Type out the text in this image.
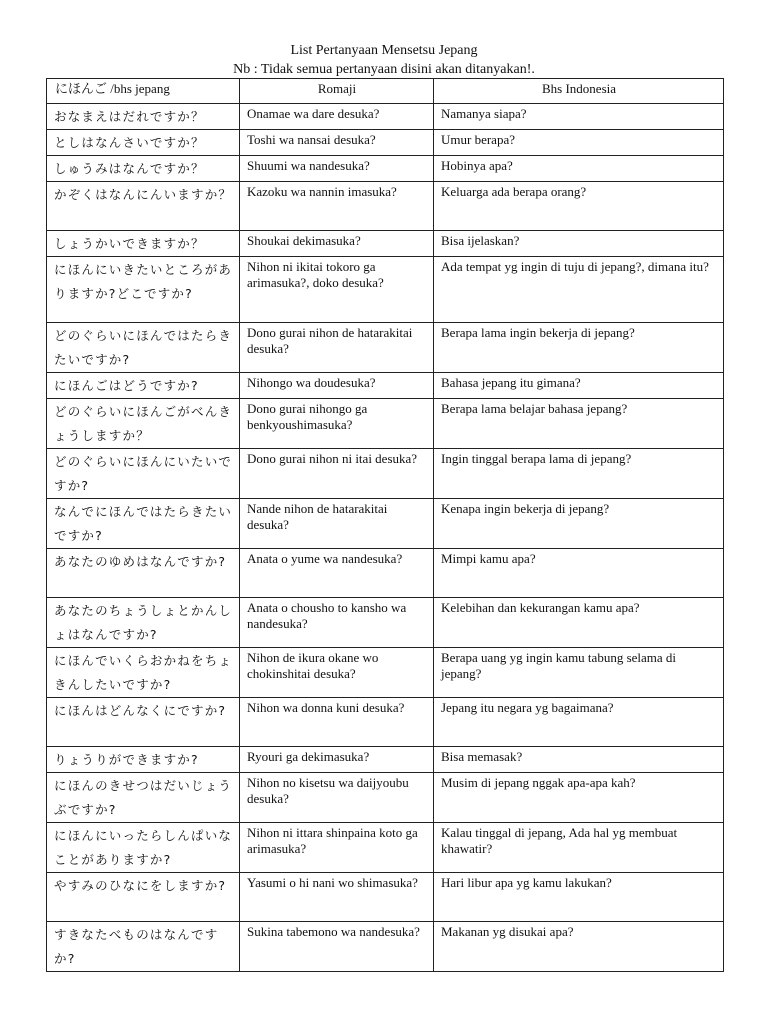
List Pertanyaan Mensetsu Jepang
Nb : Tidak semua pertanyaan disini akan ditanyakan!.
にほんご /bhs jepang	Romaji	Bhs Indonesia
おなまえはだれですか？	Onamae wa dare desuka?	Namanya siapa?
としはなんさいですか？	Toshi wa nansai desuka?	Umur berapa?
しゅうみはなんですか？	Shuumi wa nandesuka?	Hobinya apa?
かぞくはなんにんいますか？	Kazoku wa nannin imasuka?	Keluarga ada berapa orang?
しょうかいできますか？	Shoukai dekimasuka?	Bisa ijelaskan?
にほんにいきたいところがありますか?どこですか?	Nihon ni ikitai tokoro ga arimasuka?, doko desuka?	Ada tempat yg ingin di tuju di jepang?, dimana itu?
どのぐらいにほんではたらきたいですか?	Dono gurai nihon de hatarakitai desuka?	Berapa lama ingin bekerja di jepang?
にほんごはどうですか?	Nihongo wa doudesuka?	Bahasa jepang itu gimana?
どのぐらいにほんごがべんきょうしますか？	Dono gurai nihongo ga benkyoushimasuka?	Berapa lama belajar bahasa jepang?
どのぐらいにほんにいたいですか?	Dono gurai nihon ni itai desuka?	Ingin tinggal berapa lama di jepang?
なんでにほんではたらきたいですか?	Nande nihon de hatarakitai desuka?	Kenapa ingin bekerja di jepang?
あなたのゆめはなんですか?	Anata o yume wa nandesuka?	Mimpi kamu apa?
あなたのちょうしょとかんしょはなんですか?	Anata o chousho to kansho wa nandesuka?	Kelebihan dan kekurangan kamu apa?
にほんでいくらおかねをちょきんしたいですか?	Nihon de ikura okane wo chokinshitai desuka?	Berapa uang yg ingin kamu tabung selama di jepang?
にほんはどんなくにですか?	Nihon wa donna kuni desuka?	Jepang itu negara yg bagaimana?
りょうりができますか?	Ryouri ga dekimasuka?	Bisa memasak?
にほんのきせつはだいじょうぶですか?	Nihon no kisetsu wa daijyoubu desuka?	Musim di jepang nggak apa-apa kah?
にほんにいったらしんぱいなことがありますか?	Nihon ni ittara shinpaina koto ga arimasuka?	Kalau tinggal di jepang, Ada hal yg membuat khawatir?
やすみのひなにをしますか?	Yasumi o hi nani wo shimasuka?	Hari libur apa yg kamu lakukan?
すきなたべものはなんですか?	Sukina tabemono wa nandesuka?	Makanan yg disukai apa?
